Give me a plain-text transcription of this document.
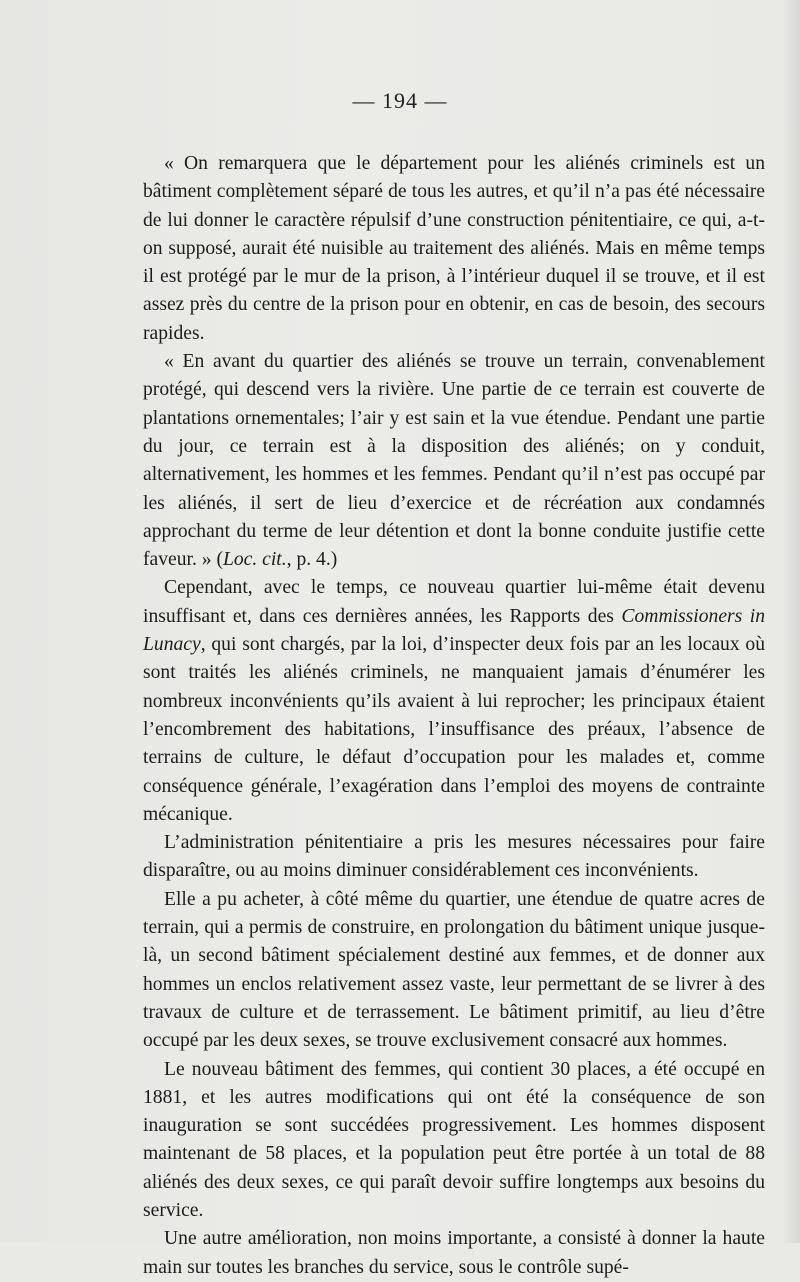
— 194 —

« On remarquera que le département pour les aliénés criminels est un bâtiment complètement séparé de tous les autres, et qu’il n’a pas été nécessaire de lui donner le caractère répulsif d’une construction pénitentiaire, ce qui, a-t-on supposé, aurait été nuisible au traitement des aliénés. Mais en même temps il est protégé par le mur de la prison, à l’intérieur duquel il se trouve, et il est assez près du centre de la prison pour en obtenir, en cas de besoin, des secours rapides.

« En avant du quartier des aliénés se trouve un terrain, convenablement protégé, qui descend vers la rivière. Une partie de ce terrain est couverte de plantations ornementales; l’air y est sain et la vue étendue. Pendant une partie du jour, ce terrain est à la disposition des aliénés; on y conduit, alternativement, les hommes et les femmes. Pendant qu’il n’est pas occupé par les aliénés, il sert de lieu d’exercice et de récréation aux condamnés approchant du terme de leur détention et dont la bonne conduite justifie cette faveur. » (Loc. cit., p. 4.)

Cependant, avec le temps, ce nouveau quartier lui-même était devenu insuffisant et, dans ces dernières années, les Rapports des Commissioners in Lunacy, qui sont chargés, par la loi, d’inspecter deux fois par an les locaux où sont traités les aliénés criminels, ne manquaient jamais d’énumérer les nombreux inconvénients qu’ils avaient à lui reprocher; les principaux étaient l’encombrement des habitations, l’insuffisance des préaux, l’absence de terrains de culture, le défaut d’occupation pour les malades et, comme conséquence générale, l’exagération dans l’emploi des moyens de contrainte mécanique.

L’administration pénitentiaire a pris les mesures nécessaires pour faire disparaître, ou au moins diminuer considérablement ces inconvénients.

Elle a pu acheter, à côté même du quartier, une étendue de quatre acres de terrain, qui a permis de construire, en prolongation du bâtiment unique jusque-là, un second bâtiment spécialement destiné aux femmes, et de donner aux hommes un enclos relativement assez vaste, leur permettant de se livrer à des travaux de culture et de terrassement. Le bâtiment primitif, au lieu d’être occupé par les deux sexes, se trouve exclusivement consacré aux hommes.

Le nouveau bâtiment des femmes, qui contient 30 places, a été occupé en 1881, et les autres modifications qui ont été la conséquence de son inauguration se sont succédées progressivement. Les hommes disposent maintenant de 58 places, et la population peut être portée à un total de 88 aliénés des deux sexes, ce qui paraît devoir suffire longtemps aux besoins du service.

Une autre amélioration, non moins importante, a consisté à donner la haute main sur toutes les branches du service, sous le contrôle supé-
